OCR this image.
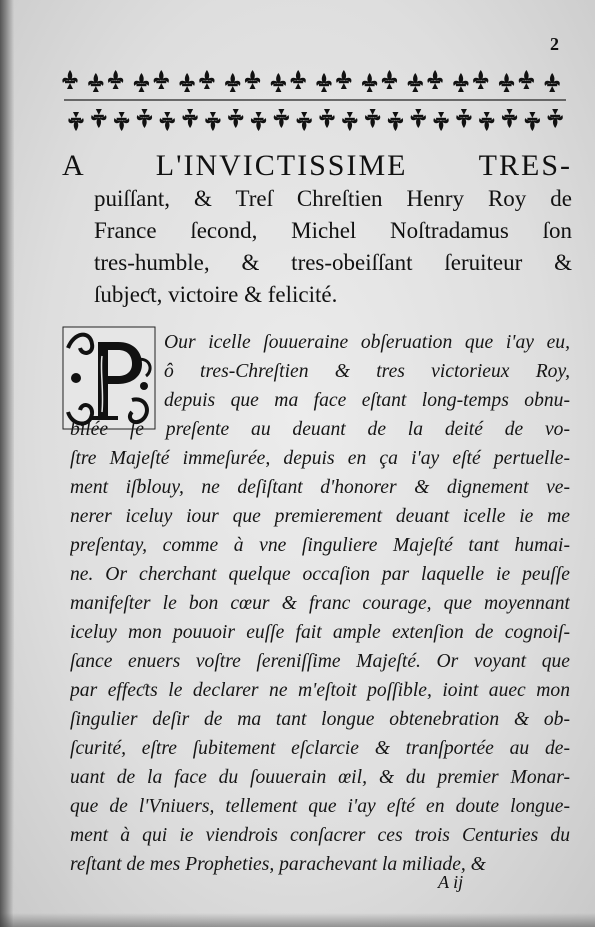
2
A L'INVICTISSIME TRES-
puiſſant, & Treſ Chreſtien Henry Roy de
France ſecond, Michel Noſtradamus ſon
tres-humble, & tres-obeiſſant ſeruiteur &
ſubjeƈt, victoire & felicité.
P
Our icelle ſouueraine obſeruation que i'ay eu,
ô tres-Chreſtien & tres victorieux Roy,
depuis que ma face eſtant long-temps obnu-
bilée ſe preſente au deuant de la deité de vo-
ſtre Majeſté immeſurée, depuis en ça i'ay eſté pertuelle-
ment iſblouy, ne deſiſtant d'honorer & dignement ve-
nerer iceluy iour que premierement deuant icelle ie me
preſentay, comme à vne ſinguliere Majeſté tant humai-
ne. Or cherchant quelque occaſion par laquelle ie peuſſe
manifeſter le bon cœur & franc courage, que moyennant
iceluy mon pouuoir euſſe fait ample extenſion de cognoiſ-
ſance enuers voſtre ſereniſſime Majeſté. Or voyant que
par effeƈts le declarer ne m'eſtoit poſſible, ioint auec mon
ſingulier deſir de ma tant longue obtenebration & ob-
ſcurité, eſtre ſubitement eſclarcie & tranſportée au de-
uant de la face du ſouuerain œil, & du premier Monar-
que de l'Vniuers, tellement que i'ay eſté en doute longue-
ment à qui ie viendrois conſacrer ces trois Centuries du
reſtant de mes Propheties, parachevant la miliade, &
A ij
